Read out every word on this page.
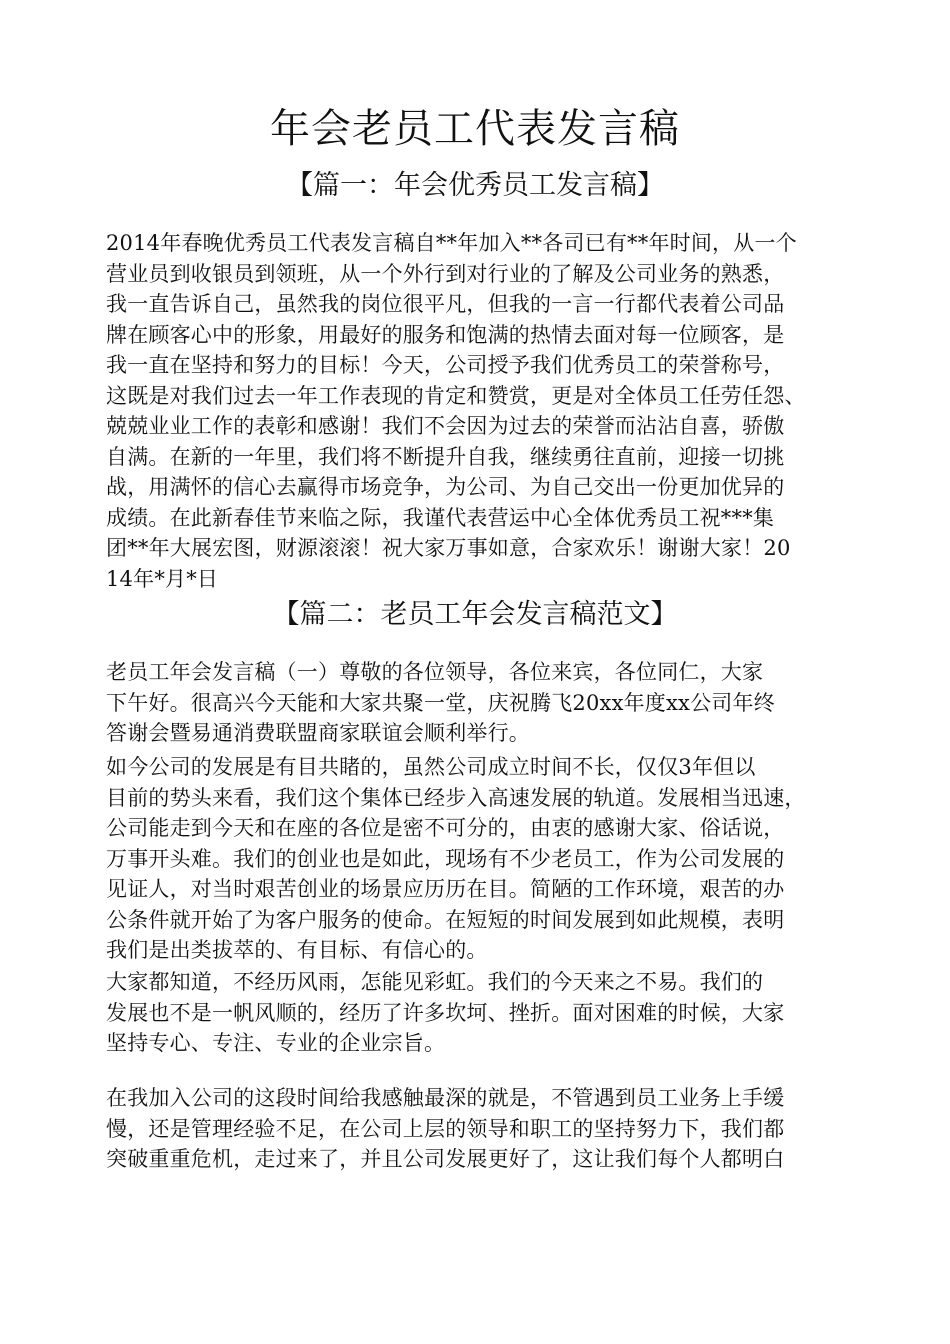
年会老员工代表发言稿
【篇一：年会优秀员工发言稿】

2014年春晚优秀员工代表发言稿自**年加入**各司已有**年时间，从一个
营业员到收银员到领班，从一个外行到对行业的了解及公司业务的熟悉，
我一直告诉自己，虽然我的岗位很平凡，但我的一言一行都代表着公司品
牌在顾客心中的形象，用最好的服务和饱满的热情去面对每一位顾客，是
我一直在坚持和努力的目标！今天，公司授予我们优秀员工的荣誉称号，
这既是对我们过去一年工作表现的肯定和赞赏，更是对全体员工任劳任怨、
兢兢业业工作的表彰和感谢！我们不会因为过去的荣誉而沾沾自喜，骄傲
自满。在新的一年里，我们将不断提升自我，继续勇往直前，迎接一切挑
战，用满怀的信心去赢得市场竞争，为公司、为自己交出一份更加优异的
成绩。在此新春佳节来临之际，我谨代表营运中心全体优秀员工祝***集
团**年大展宏图，财源滚滚！祝大家万事如意，合家欢乐！谢谢大家！20
14年*月*日

【篇二：老员工年会发言稿范文】

老员工年会发言稿（一）尊敬的各位领导，各位来宾，各位同仁，大家
下午好。很高兴今天能和大家共聚一堂，庆祝腾飞20xx年度xx公司年终
答谢会暨易通消费联盟商家联谊会顺利举行。

如今公司的发展是有目共睹的，虽然公司成立时间不长，仅仅3年但以
目前的势头来看，我们这个集体已经步入高速发展的轨道。发展相当迅速，
公司能走到今天和在座的各位是密不可分的，由衷的感谢大家、俗话说，
万事开头难。我们的创业也是如此，现场有不少老员工，作为公司发展的
见证人，对当时艰苦创业的场景应历历在目。简陋的工作环境，艰苦的办
公条件就开始了为客户服务的使命。在短短的时间发展到如此规模，表明
我们是出类拔萃的、有目标、有信心的。

大家都知道，不经历风雨，怎能见彩虹。我们的今天来之不易。我们的
发展也不是一帆风顺的，经历了许多坎坷、挫折。面对困难的时候，大家
坚持专心、专注、专业的企业宗旨。

在我加入公司的这段时间给我感触最深的就是，不管遇到员工业务上手缓
慢，还是管理经验不足，在公司上层的领导和职工的坚持努力下，我们都
突破重重危机，走过来了，并且公司发展更好了，这让我们每个人都明白
